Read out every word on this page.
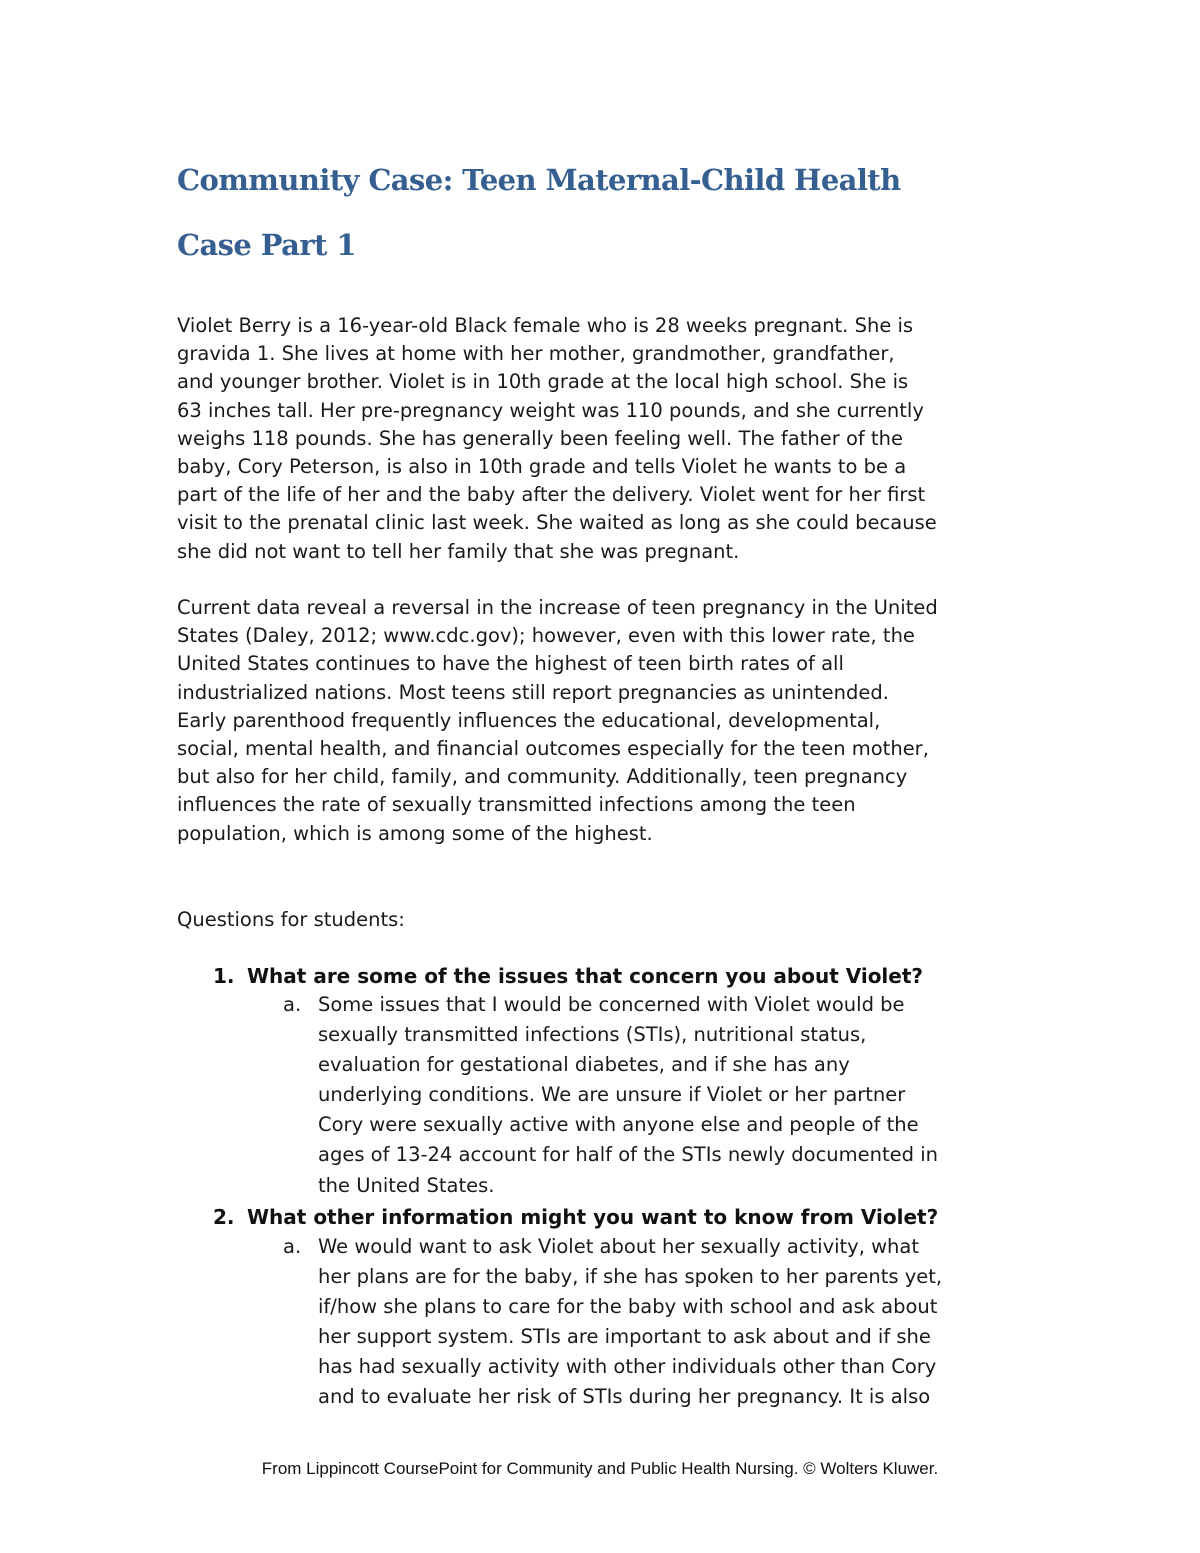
Community Case: Teen Maternal-Child Health
Case Part 1

Violet Berry is a 16-year-old Black female who is 28 weeks pregnant. She is
gravida 1. She lives at home with her mother, grandmother, grandfather,
and younger brother. Violet is in 10th grade at the local high school. She is
63 inches tall. Her pre-pregnancy weight was 110 pounds, and she currently
weighs 118 pounds. She has generally been feeling well. The father of the
baby, Cory Peterson, is also in 10th grade and tells Violet he wants to be a
part of the life of her and the baby after the delivery. Violet went for her first
visit to the prenatal clinic last week. She waited as long as she could because
she did not want to tell her family that she was pregnant.

Current data reveal a reversal in the increase of teen pregnancy in the United
States (Daley, 2012; www.cdc.gov); however, even with this lower rate, the
United States continues to have the highest of teen birth rates of all
industrialized nations. Most teens still report pregnancies as unintended.
Early parenthood frequently influences the educational, developmental,
social, mental health, and financial outcomes especially for the teen mother,
but also for her child, family, and community. Additionally, teen pregnancy
influences the rate of sexually transmitted infections among the teen
population, which is among some of the highest.

Questions for students:

1. What are some of the issues that concern you about Violet?
a. Some issues that I would be concerned with Violet would be
sexually transmitted infections (STIs), nutritional status,
evaluation for gestational diabetes, and if she has any
underlying conditions. We are unsure if Violet or her partner
Cory were sexually active with anyone else and people of the
ages of 13-24 account for half of the STIs newly documented in
the United States.
2. What other information might you want to know from Violet?
a. We would want to ask Violet about her sexually activity, what
her plans are for the baby, if she has spoken to her parents yet,
if/how she plans to care for the baby with school and ask about
her support system. STIs are important to ask about and if she
has had sexually activity with other individuals other than Cory
and to evaluate her risk of STIs during her pregnancy. It is also

From Lippincott CoursePoint for Community and Public Health Nursing. © Wolters Kluwer.
